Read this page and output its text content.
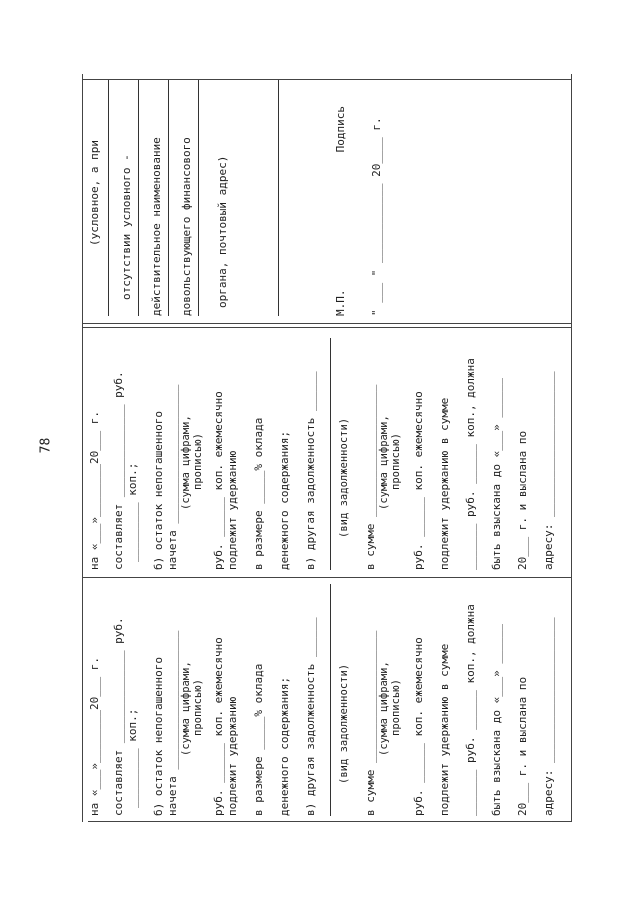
78
на «___»________20___ г. составляет ______________ руб. _________ коп.; б) остаток непогашенного начета _____________________ (сумма цифрами, прописью) руб. ______ коп. ежемесячно подлежит удержанию в размере _____% оклада денежного содержания; в) другая задолженность ______ (вид задолженности) в сумме ____________________ (сумма цифрами, прописью) руб. ______ коп. ежемесячно подлежит удержанию в сумме _______ руб. ______ коп., должна быть взыскана до «___» ______ 20___ г. и выслана по адресу: ______________________
на «___»________20___ г. составляет ______________ руб. _________ коп.; б) остаток непогашенного начета _____________________ (сумма цифрами, прописью) руб. ______ коп. ежемесячно подлежит удержанию в размере _____% оклада денежного содержания; в) другая задолженность ______ (вид задолженности) в сумме ____________________ (сумма цифрами, прописью) руб. ______ коп. ежемесячно подлежит удержанию в сумме _______ руб. ______ коп., должна быть взыскана до «___» ______ 20___ г. и выслана по адресу: ______________________
(условное, а при отсутствии условного - действительное наименование довольствующего финансового органа, почтовый адрес)	М.П.
Подпись " ___ " ____________ 20____ г.
